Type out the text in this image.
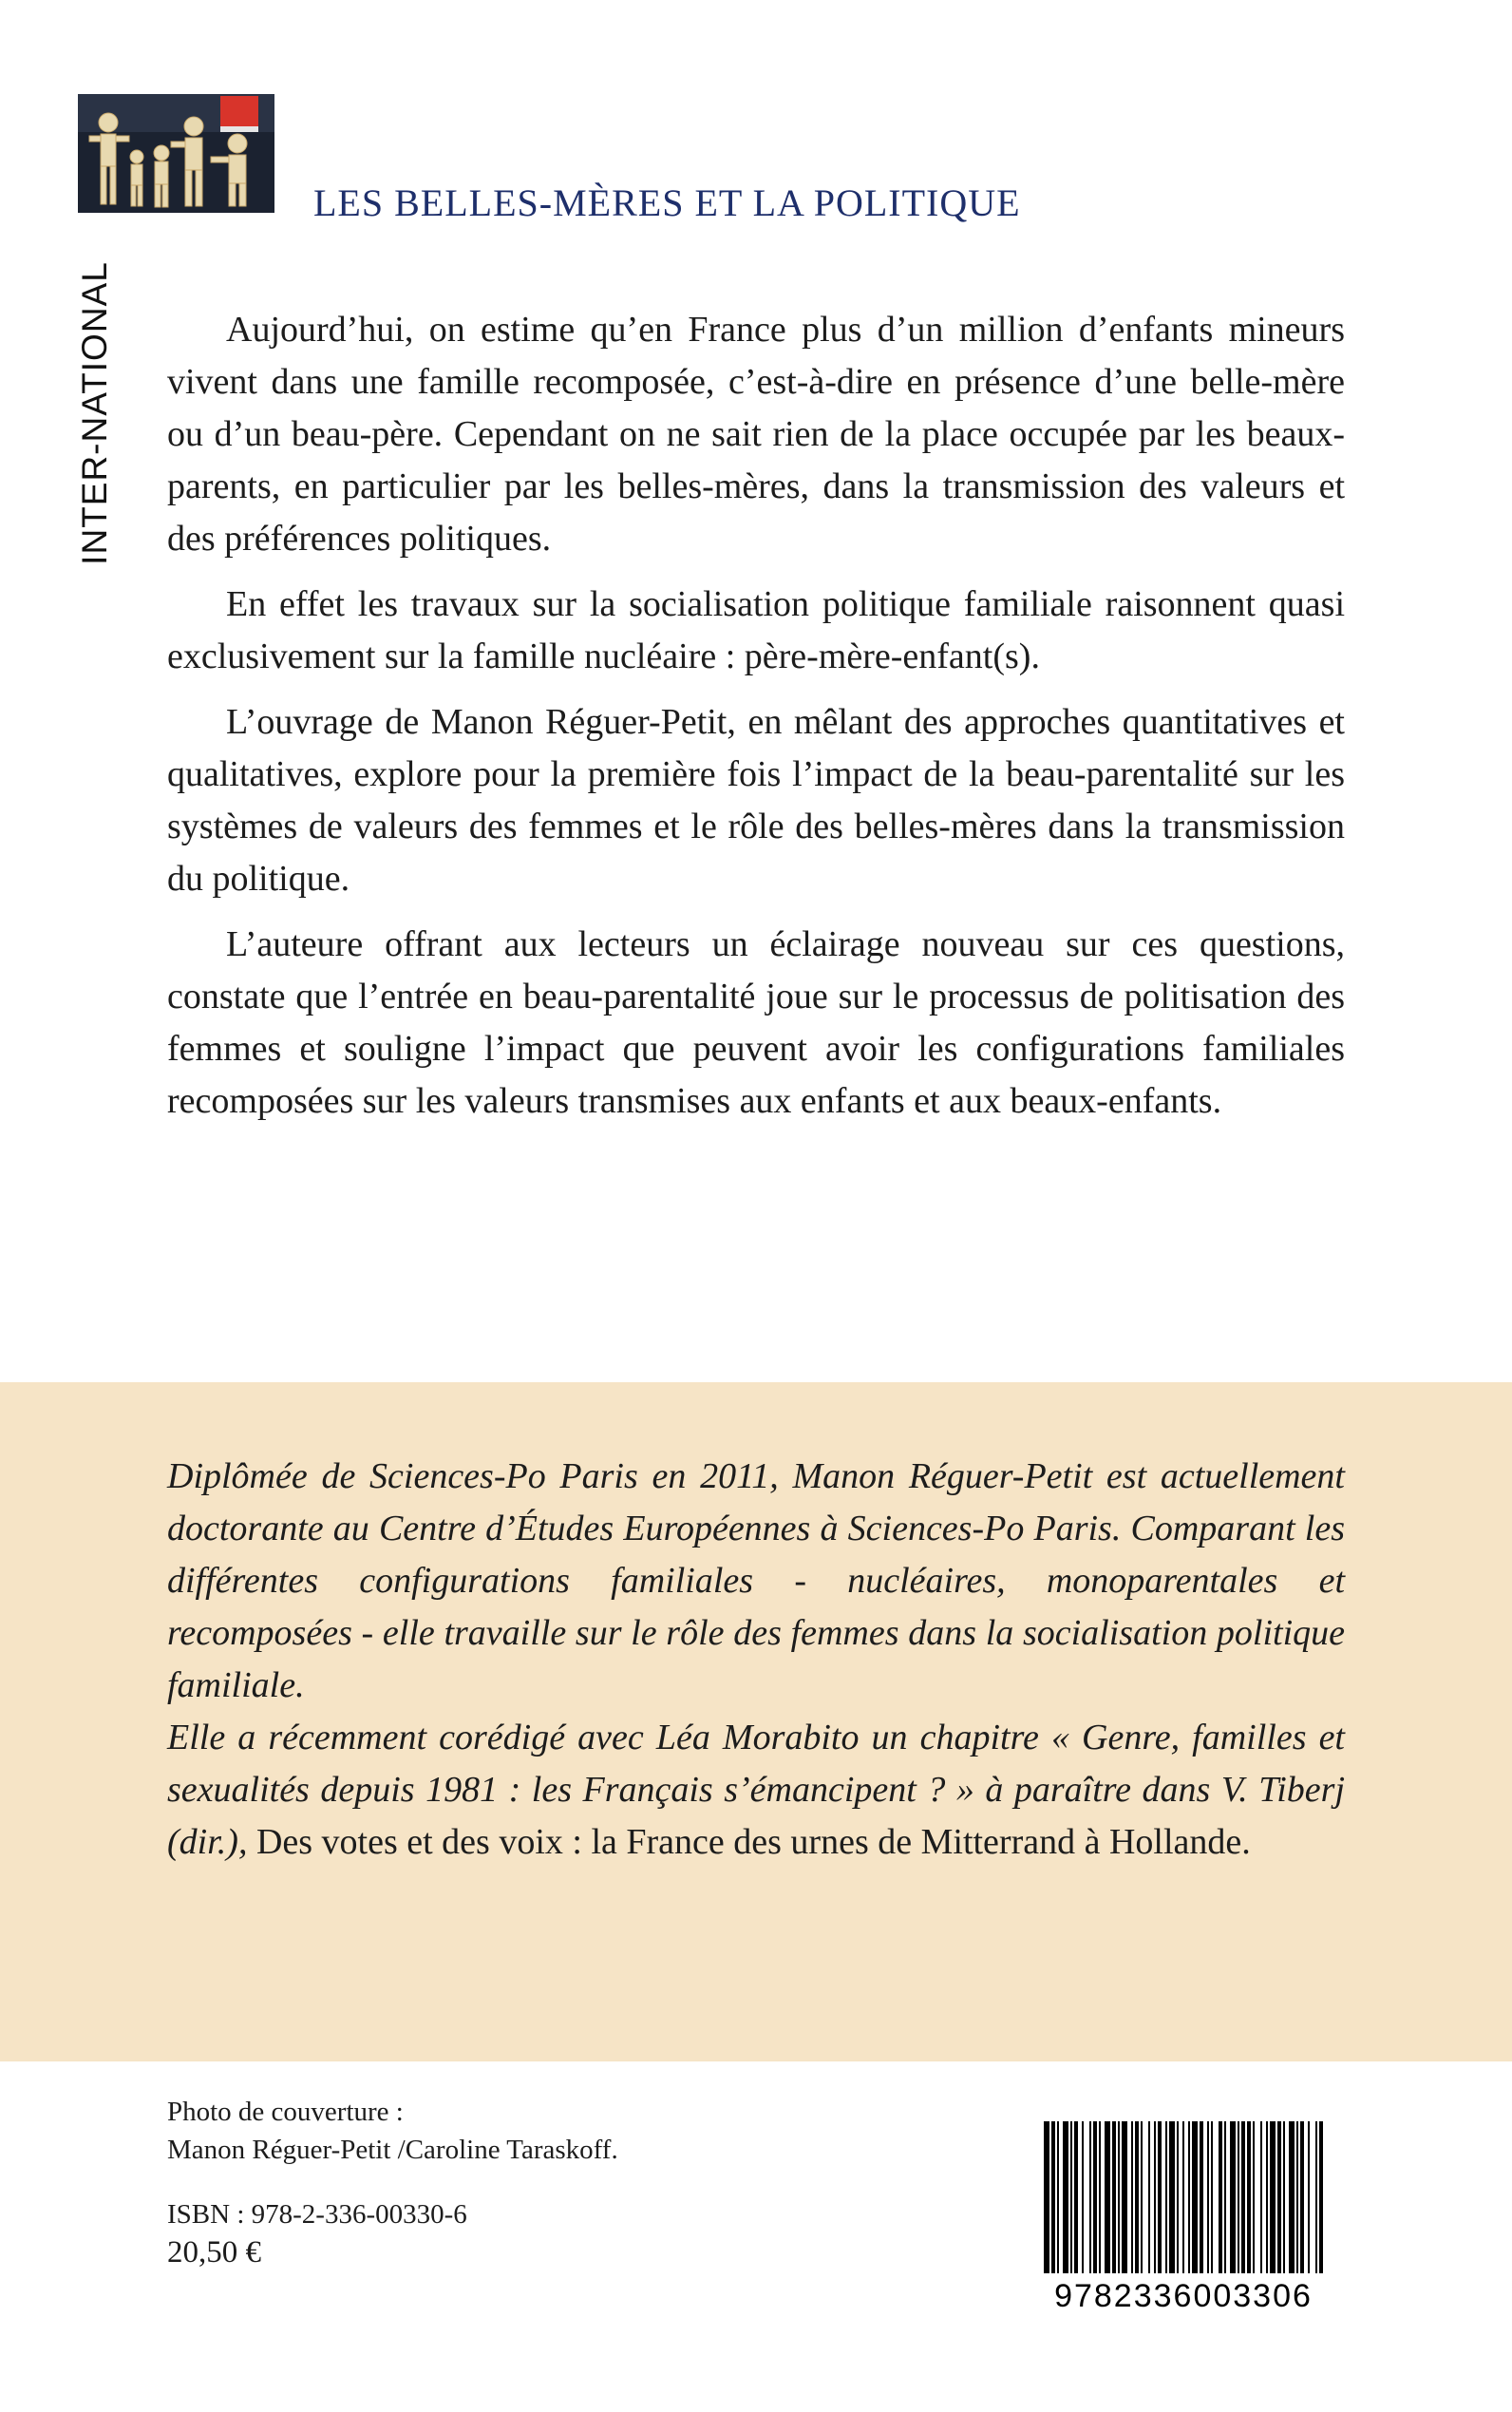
INTER-NATIONAL
LES BELLES-MÈRES ET LA POLITIQUE

Aujourd’hui, on estime qu’en France plus d’un million d’enfants mineurs vivent dans une famille recomposée, c’est-à-dire en présence d’une belle-mère ou d’un beau-père. Cependant on ne sait rien de la place occupée par les beaux-parents, en particulier par les belles-mères, dans la transmission des valeurs et des préférences politiques.

En effet les travaux sur la socialisation politique familiale raisonnent quasi exclusivement sur la famille nucléaire : père-mère-enfant(s).

L’ouvrage de Manon Réguer-Petit, en mêlant des approches quantitatives et qualitatives, explore pour la première fois l’impact de la beau-parentalité sur les systèmes de valeurs des femmes et le rôle des belles-mères dans la transmission du politique.

L’auteure offrant aux lecteurs un éclairage nouveau sur ces questions, constate que l’entrée en beau-parentalité joue sur le processus de politisation des femmes et souligne l’impact que peuvent avoir les configurations familiales recomposées sur les valeurs transmises aux enfants et aux beaux-enfants.

Diplômée de Sciences-Po Paris en 2011, Manon Réguer-Petit est actuellement doctorante au Centre d’Études Européennes à Sciences-Po Paris. Comparant les différentes configurations familiales - nucléaires, monoparentales et recomposées - elle travaille sur le rôle des femmes dans la socialisation politique familiale.

Elle a récemment corédigé avec Léa Morabito un chapitre « Genre, familles et sexualités depuis 1981 : les Français s’émancipent ? » à paraître dans V. Tiberj (dir.), Des votes et des voix : la France des urnes de Mitterrand à Hollande.

Photo de couverture :
Manon Réguer-Petit /Caroline Taraskoff.
ISBN : 978-2-336-00330-6
20,50 €
9782336003306
